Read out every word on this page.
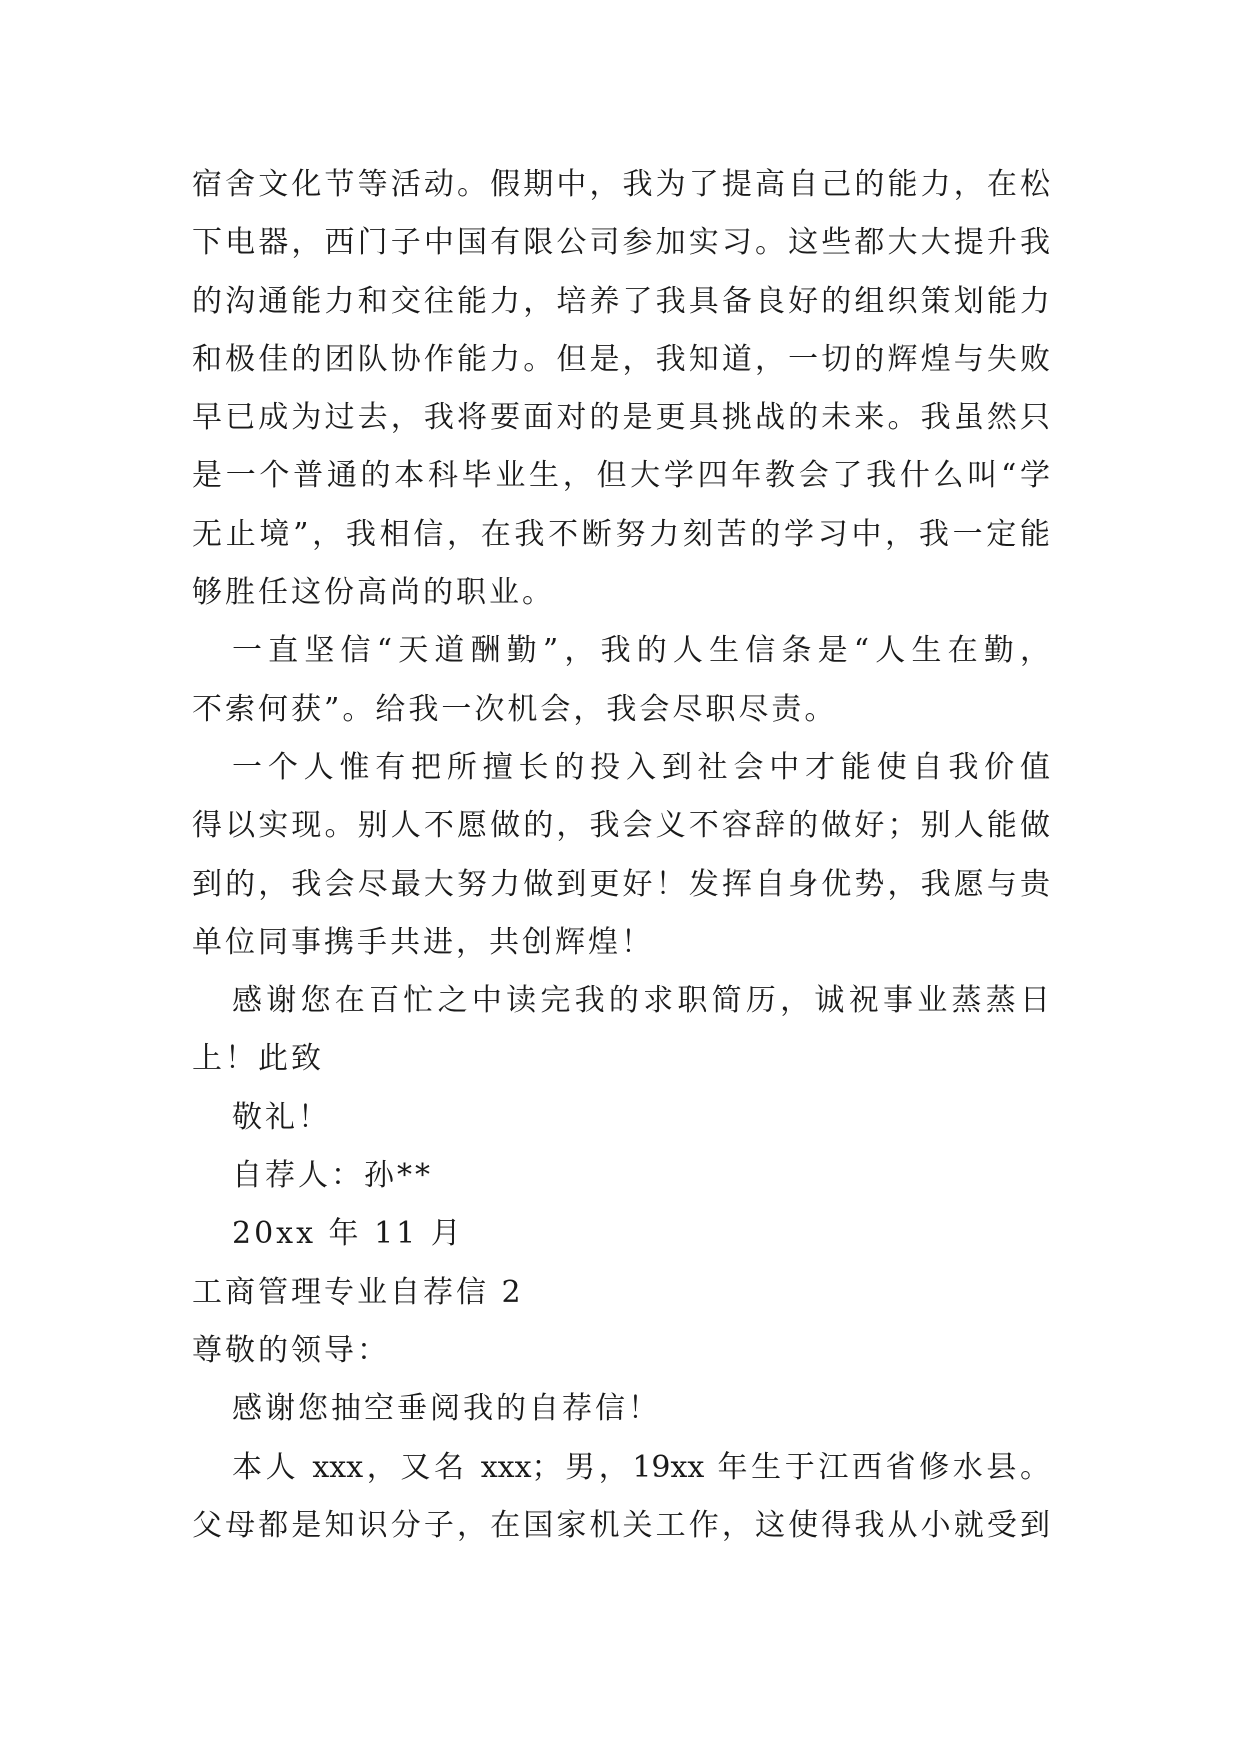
宿舍文化节等活动。假期中，我为了提高自己的能力，在松
下电器，西门子中国有限公司参加实习。这些都大大提升我
的沟通能力和交往能力，培养了我具备良好的组织策划能力
和极佳的团队协作能力。但是，我知道，一切的辉煌与失败
早已成为过去，我将要面对的是更具挑战的未来。我虽然只
是一个普通的本科毕业生，但大学四年教会了我什么叫“学
无止境”，我相信，在我不断努力刻苦的学习中，我一定能
够胜任这份高尚的职业。
一直坚信“天道酬勤”，我的人生信条是“人生在勤，
不索何获”。给我一次机会，我会尽职尽责。
一个人惟有把所擅长的投入到社会中才能使自我价值
得以实现。别人不愿做的，我会义不容辞的做好；别人能做
到的，我会尽最大努力做到更好！发挥自身优势，我愿与贵
单位同事携手共进，共创辉煌！
感谢您在百忙之中读完我的求职简历，诚祝事业蒸蒸日
上！此致
敬礼！
自荐人：孙**
20xx 年 11 月
工商管理专业自荐信 2
尊敬的领导：
感谢您抽空垂阅我的自荐信！
本人 xxx，又名 xxx；男，19xx 年生于江西省修水县。
父母都是知识分子，在国家机关工作，这使得我从小就受到
